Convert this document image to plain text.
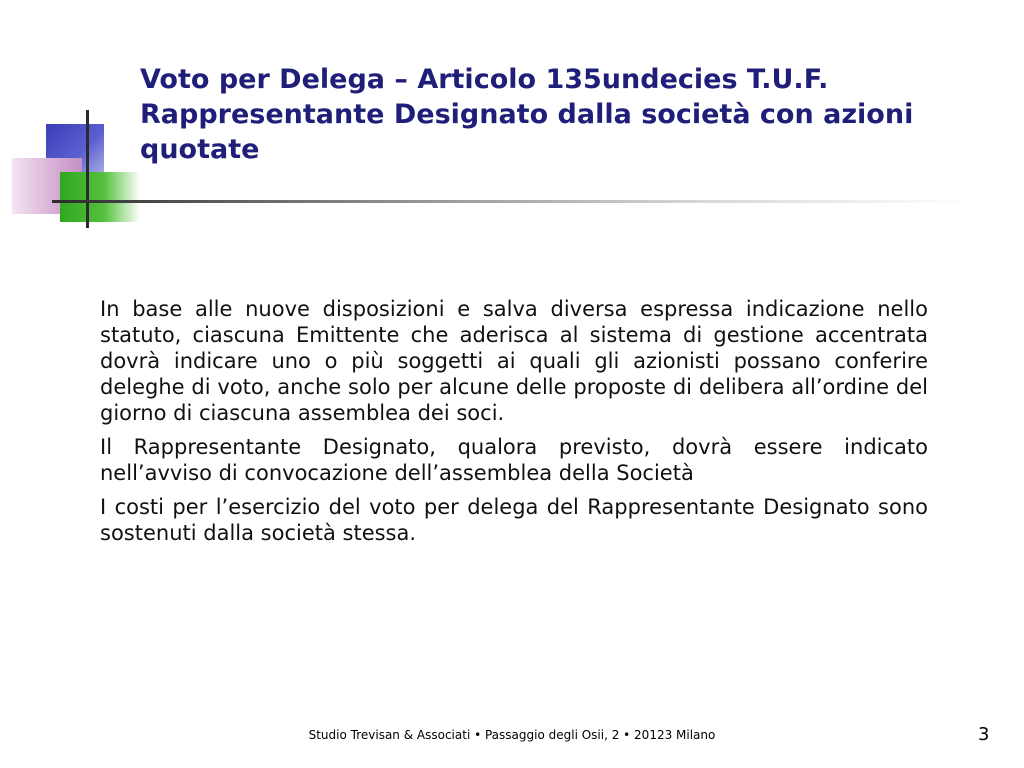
Voto per Delega – Articolo 135undecies T.U.F.
Rappresentante Designato dalla società con azioni
quotate

In base alle nuove disposizioni e salva diversa espressa indicazione nello statuto, ciascuna Emittente che aderisca al sistema di gestione accentrata dovrà indicare uno o più soggetti ai quali gli azionisti possano conferire deleghe di voto, anche solo per alcune delle proposte di delibera all’ordine del giorno di ciascuna assemblea dei soci.

Il Rappresentante Designato, qualora previsto, dovrà essere indicato nell’avviso di convocazione dell’assemblea della Società

I costi per l’esercizio del voto per delega del Rappresentante Designato sono sostenuti dalla società stessa.

Studio Trevisan & Associati • Passaggio degli Osii, 2 • 20123 Milano	3
